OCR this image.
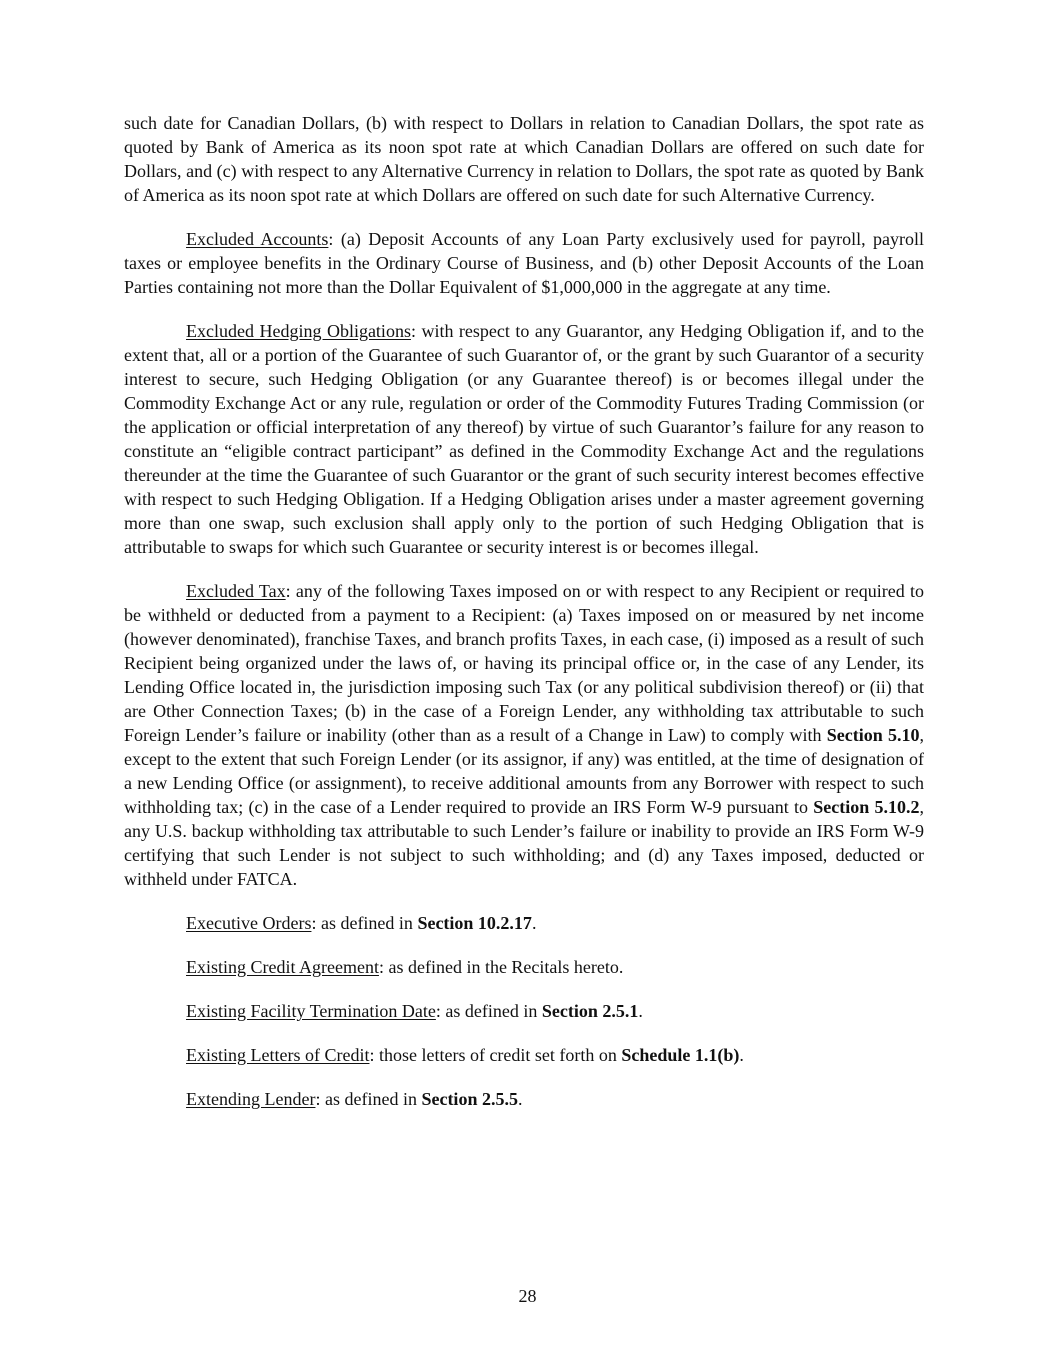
such date for Canadian Dollars, (b) with respect to Dollars in relation to Canadian Dollars, the spot rate as quoted by Bank of America as its noon spot rate at which Canadian Dollars are offered on such date for Dollars, and (c) with respect to any Alternative Currency in relation to Dollars, the spot rate as quoted by Bank of America as its noon spot rate at which Dollars are offered on such date for such Alternative Currency.

Excluded Accounts: (a) Deposit Accounts of any Loan Party exclusively used for payroll, payroll taxes or employee benefits in the Ordinary Course of Business, and (b) other Deposit Accounts of the Loan Parties containing not more than the Dollar Equivalent of $1,000,000 in the aggregate at any time.

Excluded Hedging Obligations: with respect to any Guarantor, any Hedging Obligation if, and to the extent that, all or a portion of the Guarantee of such Guarantor of, or the grant by such Guarantor of a security interest to secure, such Hedging Obligation (or any Guarantee thereof) is or becomes illegal under the Commodity Exchange Act or any rule, regulation or order of the Commodity Futures Trading Commission (or the application or official interpretation of any thereof) by virtue of such Guarantor’s failure for any reason to constitute an “eligible contract participant” as defined in the Commodity Exchange Act and the regulations thereunder at the time the Guarantee of such Guarantor or the grant of such security interest becomes effective with respect to such Hedging Obligation. If a Hedging Obligation arises under a master agreement governing more than one swap, such exclusion shall apply only to the portion of such Hedging Obligation that is attributable to swaps for which such Guarantee or security interest is or becomes illegal.

Excluded Tax: any of the following Taxes imposed on or with respect to any Recipient or required to be withheld or deducted from a payment to a Recipient: (a) Taxes imposed on or measured by net income (however denominated), franchise Taxes, and branch profits Taxes, in each case, (i) imposed as a result of such Recipient being organized under the laws of, or having its principal office or, in the case of any Lender, its Lending Office located in, the jurisdiction imposing such Tax (or any political subdivision thereof) or (ii) that are Other Connection Taxes; (b) in the case of a Foreign Lender, any withholding tax attributable to such Foreign Lender’s failure or inability (other than as a result of a Change in Law) to comply with Section 5.10, except to the extent that such Foreign Lender (or its assignor, if any) was entitled, at the time of designation of a new Lending Office (or assignment), to receive additional amounts from any Borrower with respect to such withholding tax; (c) in the case of a Lender required to provide an IRS Form W-9 pursuant to Section 5.10.2, any U.S. backup withholding tax attributable to such Lender’s failure or inability to provide an IRS Form W-9 certifying that such Lender is not subject to such withholding; and (d) any Taxes imposed, deducted or withheld under FATCA.

Executive Orders: as defined in Section 10.2.17.

Existing Credit Agreement: as defined in the Recitals hereto.

Existing Facility Termination Date: as defined in Section 2.5.1.

Existing Letters of Credit: those letters of credit set forth on Schedule 1.1(b).

Extending Lender: as defined in Section 2.5.5.

28
